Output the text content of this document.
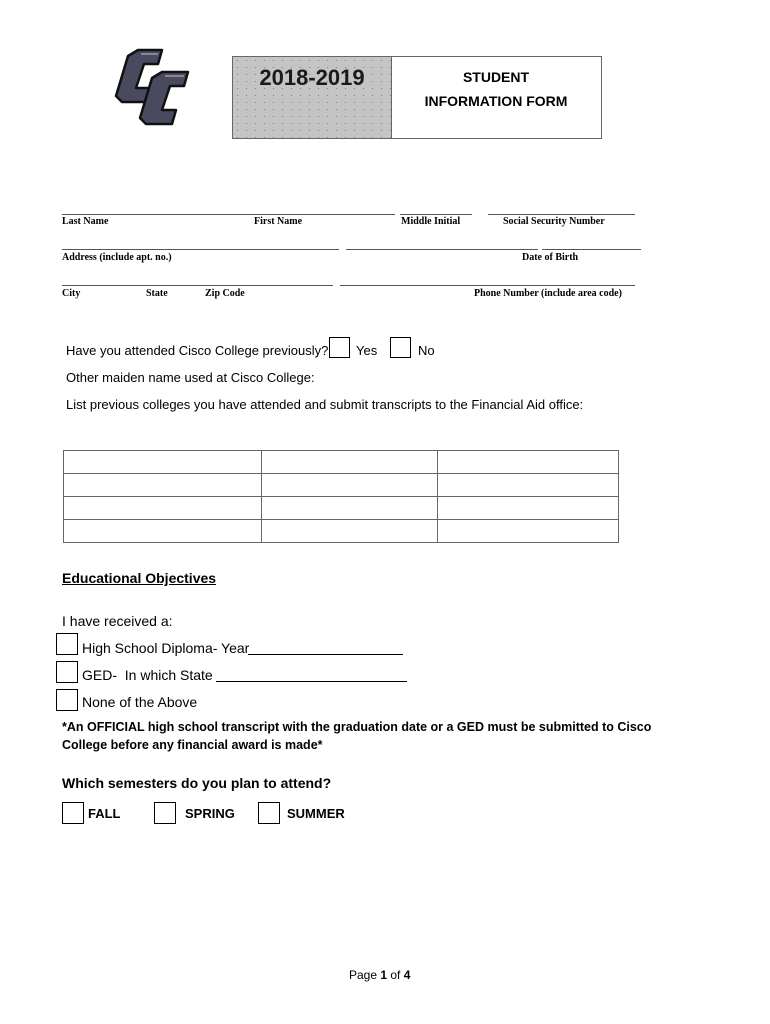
2018-2019	STUDENT
INFORMATION FORM
Last Name	First Name	Middle Initial	Social Security Number
Address (include apt. no.)	Date of Birth
City	State	Zip Code	Phone Number (include area code)
Have you attended Cisco College previously? Yes	No
Other maiden name used at Cisco College:
List previous colleges you have attended and submit transcripts to the Financial Aid office:

Educational Objectives
I have received a:
High School Diploma- Year
GED-  In which State
None of the Above
*An OFFICIAL high school transcript with the graduation date or a GED must be submitted to Cisco College before any financial award is made*
Which semesters do you plan to attend?
FALL	SPRING	SUMMER
Page 1 of 4
